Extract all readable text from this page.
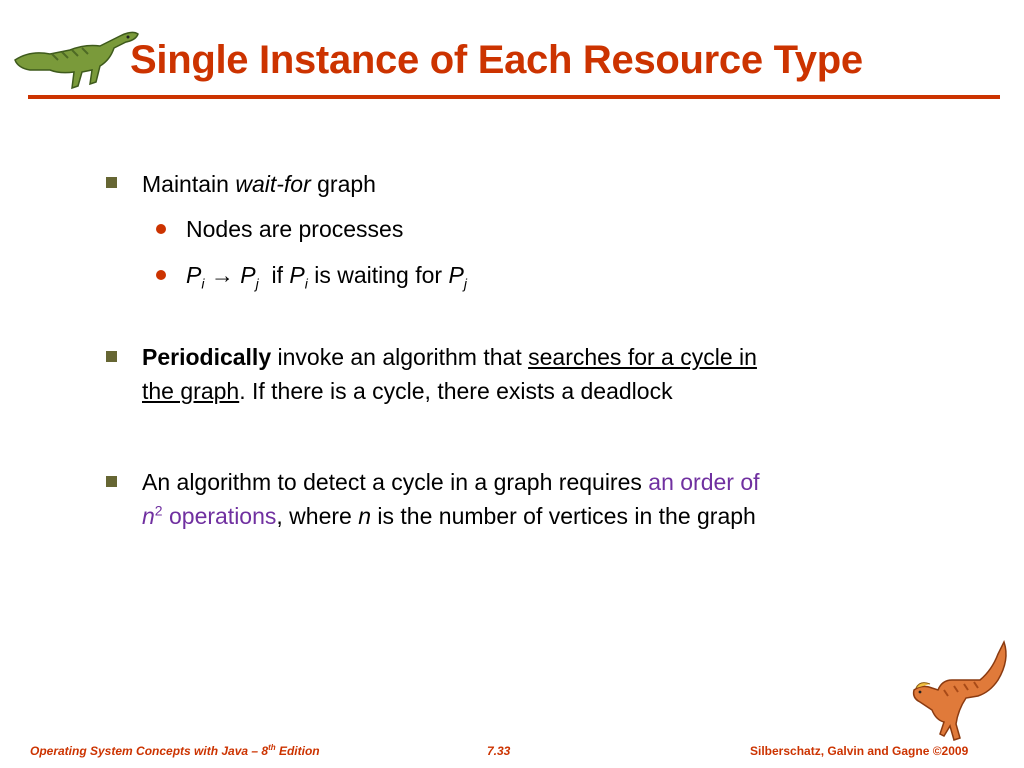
Single Instance of Each Resource Type
Maintain wait-for graph
Nodes are processes
$P_i \to P_j$ if $P_i$ is waiting for $P_j$
Periodically invoke an algorithm that searches for a cycle in
the graph. If there is a cycle, there exists a deadlock
An algorithm to detect a cycle in a graph requires an order of
$n^2$ operations, where n is the number of vertices in the graph
Operating System Concepts with Java – 8th Edition	7.33	Silberschatz, Galvin and Gagne ©2009
